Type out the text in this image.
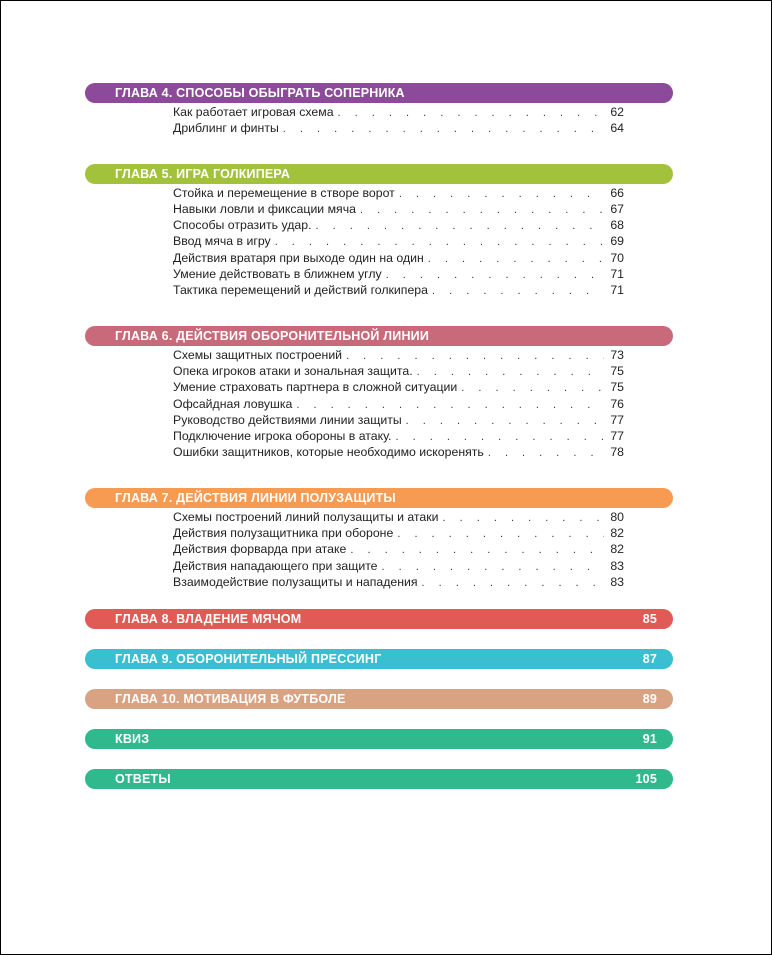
ГЛАВА 4. СПОСОБЫ ОБЫГРАТЬ СОПЕРНИКА
Как работает игровая схема . . .	62
Дриблинг и финты . . .	64
ГЛАВА 5. ИГРА ГОЛКИПЕРА
Стойка и перемещение в створе ворот . . .	66
Навыки ловли и фиксации мяча . . .	67
Способы отразить удар. . . .	68
Ввод мяча в игру . . .	69
Действия вратаря при выходе один на один . . .	70
Умение действовать в ближнем углу . . .	71
Тактика перемещений и действий голкипера . . .	71
ГЛАВА 6. ДЕЙСТВИЯ ОБОРОНИТЕЛЬНОЙ ЛИНИИ
Схемы защитных построений . . .	73
Опека игроков атаки и зональная защита. . . .	75
Умение страховать партнера в сложной ситуации . . .	75
Офсайдная ловушка . . .	76
Руководство действиями линии защиты . . .	77
Подключение игрока обороны в атаку. . . .	77
Ошибки защитников, которые необходимо искоренять . . .	78
ГЛАВА 7. ДЕЙСТВИЯ ЛИНИИ ПОЛУЗАЩИТЫ
Схемы построений линий полузащиты и атаки . . .	80
Действия полузащитника при обороне . . .	82
Действия форварда при атаке . . .	82
Действия нападающего при защите . . .	83
Взаимодействие полузащиты и нападения . . .	83
ГЛАВА 8. ВЛАДЕНИЕ МЯЧОМ	85
ГЛАВА 9. ОБОРОНИТЕЛЬНЫЙ ПРЕССИНГ	87
ГЛАВА 10. МОТИВАЦИЯ В ФУТБОЛЕ	89
КВИЗ	91
ОТВЕТЫ	105
